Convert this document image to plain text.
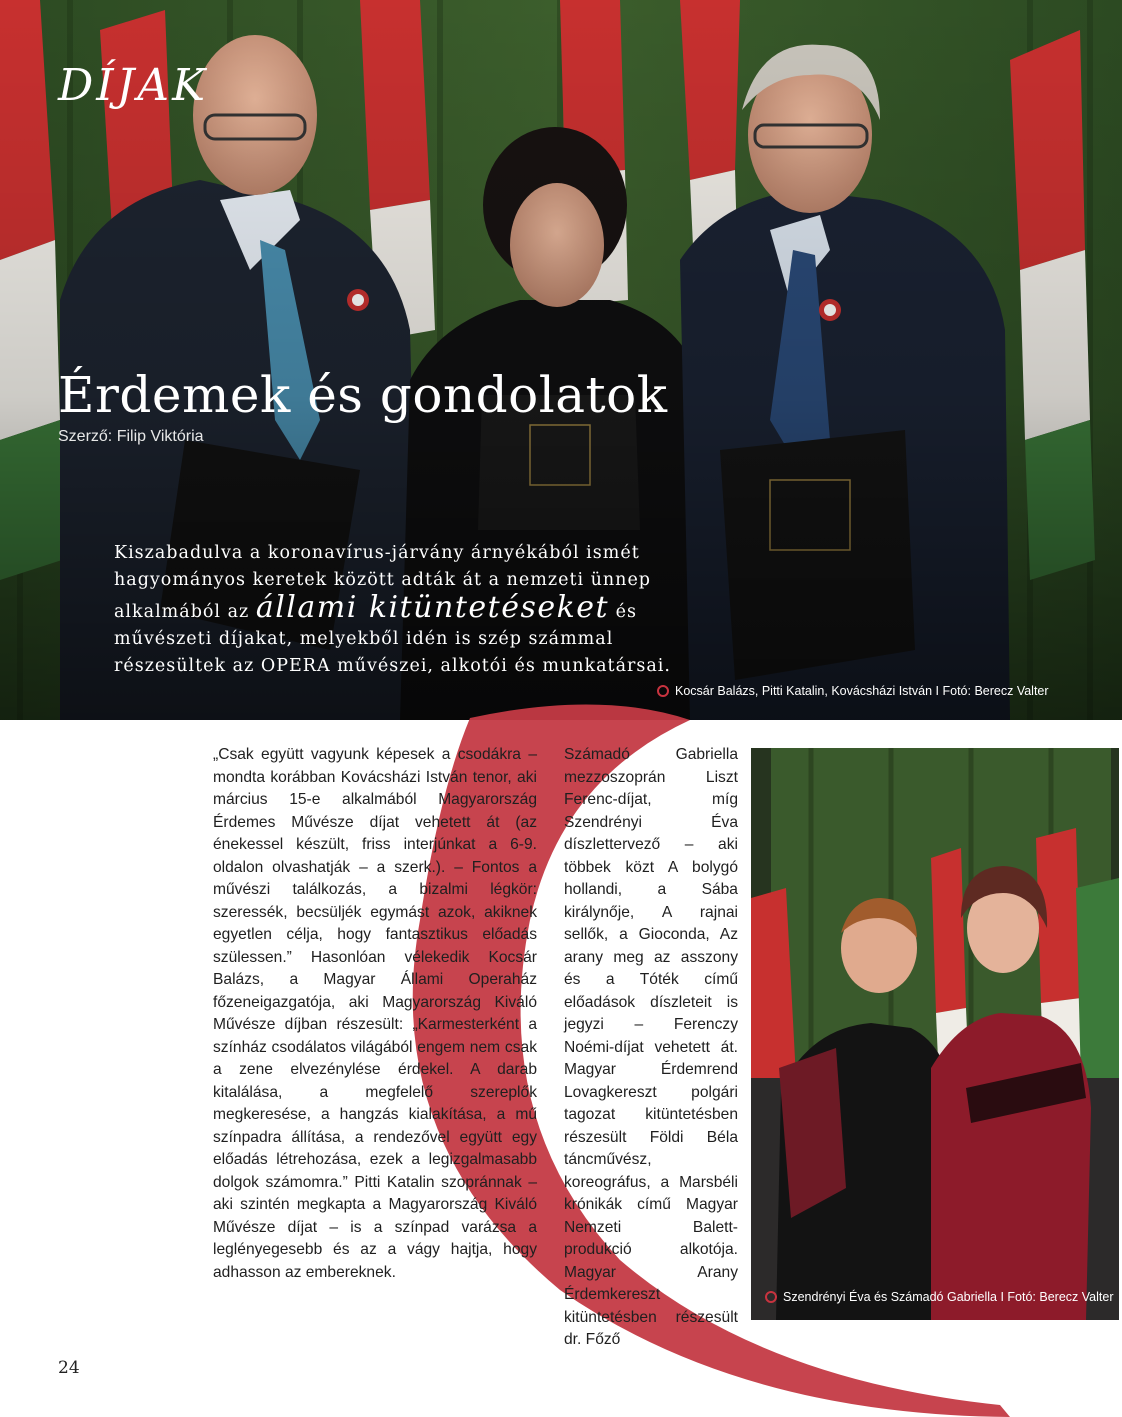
DÍJAK
Érdemek és gondolatok
Szerző: Filip Viktória
Kiszabadulva a koronavírus-járvány árnyékából ismét hagyományos keretek között adták át a nemzeti ünnep alkalmából az állami kitüntetéseket és művészeti díjakat, melyekből idén is szép számmal részesültek az OPERA művészei, alkotói és munkatársai.
Kocsár Balázs, Pitti Katalin, Kovácsházi István I Fotó: Berecz Valter

„Csak együtt vagyunk képesek a csodákra – mondta korábban Kovácsházi István tenor, aki március 15-e alkalmából Magyarország Érdemes Művésze díjat vehetett át (az énekessel készült, friss interjúnkat a 6-9. oldalon olvashatják – a szerk.). – Fontos a művészi találkozás, a bizalmi légkör: szeressék, becsüljék egymást azok, akiknek egyetlen célja, hogy fantasztikus előadás szülessen.” Hasonlóan vélekedik Kocsár Balázs, a Magyar Állami Operaház főzeneigazgatója, aki Magyarország Kiváló Művésze díjban részesült: „Karmesterként a színház csodálatos világából engem nem csak a zene elvezénylése érdekel. A darab kitalálása, a megfelelő szereplők megkeresése, a hangzás kialakítása, a mű színpadra állítása, a rendezővel együtt egy előadás létrehozása, ezek a legizgalmasabb dolgok számomra.” Pitti Katalin szopránnak – aki szintén megkapta a Magyarország Kiváló Művésze díjat – is a színpad varázsa a leglényegesebb és az a vágy hajtja, hogy adhasson az embereknek.

Számadó Gabriella mezzoszoprán Liszt Ferenc-díjat, míg Szendrényi Éva díszlettervező – aki többek közt A bolygó hollandi, a Sába királynője, A rajnai sellők, a Gioconda, Az arany meg az asszony és a Tóték című előadások díszleteit is jegyzi – Ferenczy Noémi-díjat vehetett át. Magyar Érdemrend Lovagkereszt polgári tagozat kitüntetésben részesült Földi Béla táncművész, koreográfus, a Marsbéli krónikák című Magyar Nemzeti Balett-produkció alkotója. Magyar Arany Érdemkereszt kitüntetésben részesült dr. Főző

Szendrényi Éva és Számadó Gabriella I Fotó: Berecz Valter
24
